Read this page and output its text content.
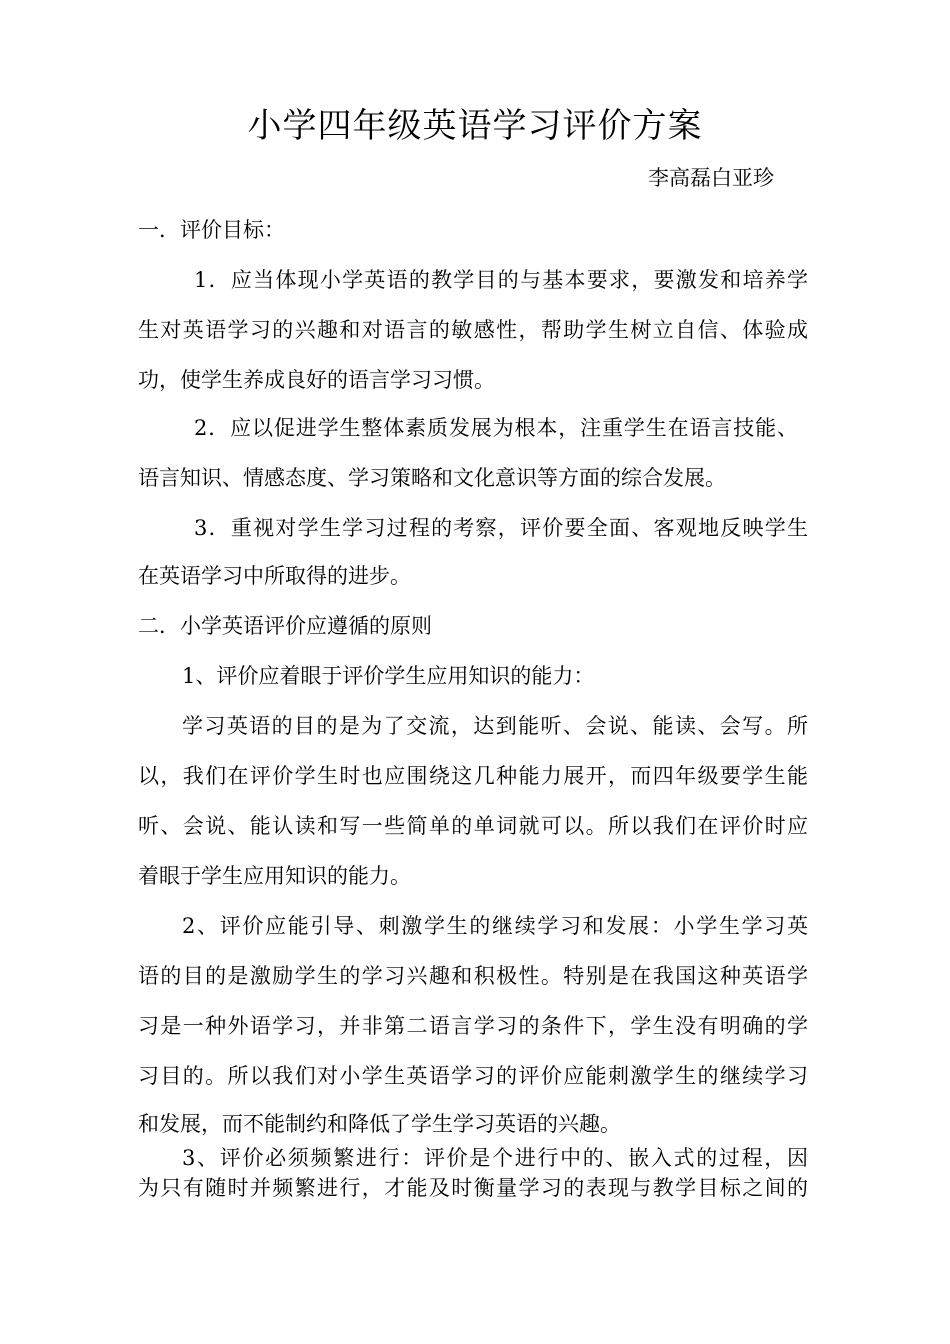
小学四年级英语学习评价方案
李高磊白亚珍
一．评价目标：
1．应当体现小学英语的教学目的与基本要求，要激发和培养学
生对英语学习的兴趣和对语言的敏感性，帮助学生树立自信、体验成
功，使学生养成良好的语言学习习惯。
2．应以促进学生整体素质发展为根本，注重学生在语言技能、
语言知识、情感态度、学习策略和文化意识等方面的综合发展。
3．重视对学生学习过程的考察，评价要全面、客观地反映学生
在英语学习中所取得的进步。
二．小学英语评价应遵循的原则
1、评价应着眼于评价学生应用知识的能力：
学习英语的目的是为了交流，达到能听、会说、能读、会写。所
以，我们在评价学生时也应围绕这几种能力展开，而四年级要学生能
听、会说、能认读和写一些简单的单词就可以。所以我们在评价时应
着眼于学生应用知识的能力。
2、评价应能引导、刺激学生的继续学习和发展：小学生学习英
语的目的是激励学生的学习兴趣和积极性。特别是在我国这种英语学
习是一种外语学习，并非第二语言学习的条件下，学生没有明确的学
习目的。所以我们对小学生英语学习的评价应能刺激学生的继续学习
和发展，而不能制约和降低了学生学习英语的兴趣。
3、评价必须频繁进行：评价是个进行中的、嵌入式的过程，因
为只有随时并频繁进行，才能及时衡量学习的表现与教学目标之间的
